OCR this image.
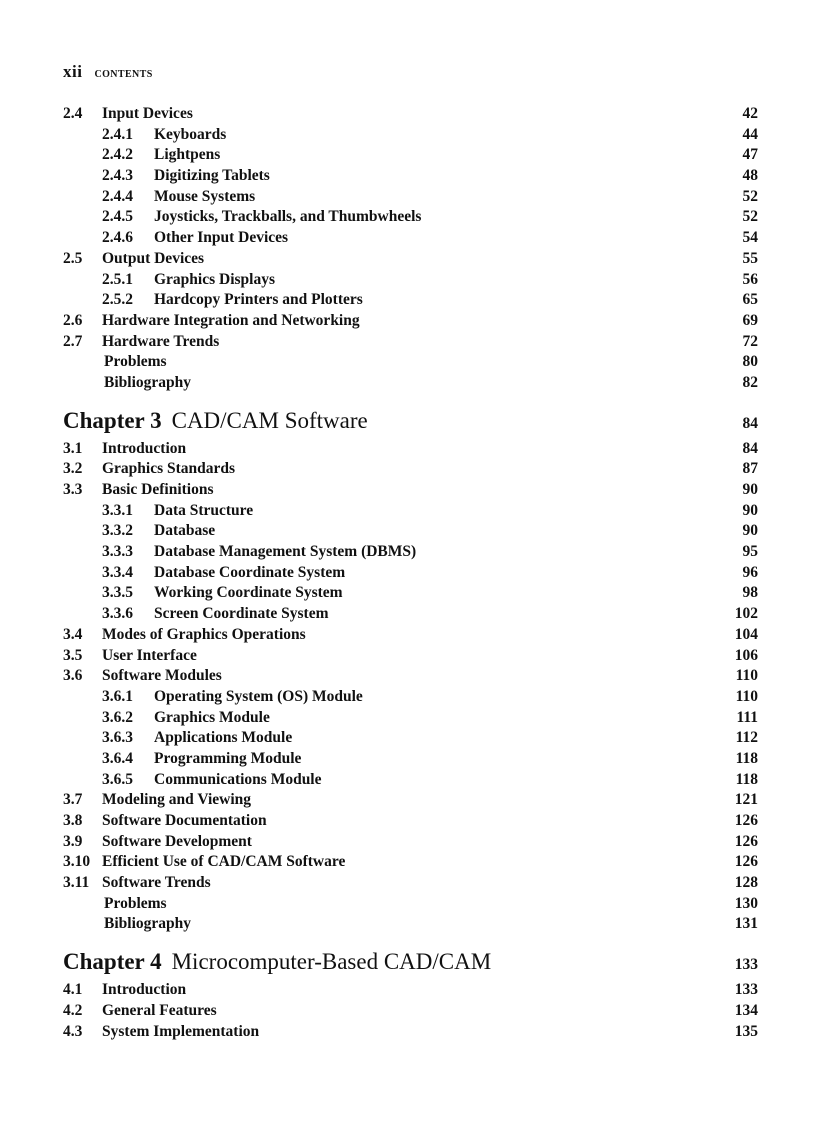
xii CONTENTS
2.4 Input Devices	42
2.4.1 Keyboards	44
2.4.2 Lightpens	47
2.4.3 Digitizing Tablets	48
2.4.4 Mouse Systems	52
2.4.5 Joysticks, Trackballs, and Thumbwheels	52
2.4.6 Other Input Devices	54
2.5 Output Devices	55
2.5.1 Graphics Displays	56
2.5.2 Hardcopy Printers and Plotters	65
2.6 Hardware Integration and Networking	69
2.7 Hardware Trends	72
Problems	80
Bibliography	82
Chapter 3 CAD/CAM Software	84
3.1 Introduction	84
3.2 Graphics Standards	87
3.3 Basic Definitions	90
3.3.1 Data Structure	90
3.3.2 Database	90
3.3.3 Database Management System (DBMS)	95
3.3.4 Database Coordinate System	96
3.3.5 Working Coordinate System	98
3.3.6 Screen Coordinate System	102
3.4 Modes of Graphics Operations	104
3.5 User Interface	106
3.6 Software Modules	110
3.6.1 Operating System (OS) Module	110
3.6.2 Graphics Module	111
3.6.3 Applications Module	112
3.6.4 Programming Module	118
3.6.5 Communications Module	118
3.7 Modeling and Viewing	121
3.8 Software Documentation	126
3.9 Software Development	126
3.10 Efficient Use of CAD/CAM Software	126
3.11 Software Trends	128
Problems	130
Bibliography	131
Chapter 4 Microcomputer-Based CAD/CAM	133
4.1 Introduction	133
4.2 General Features	134
4.3 System Implementation	135
